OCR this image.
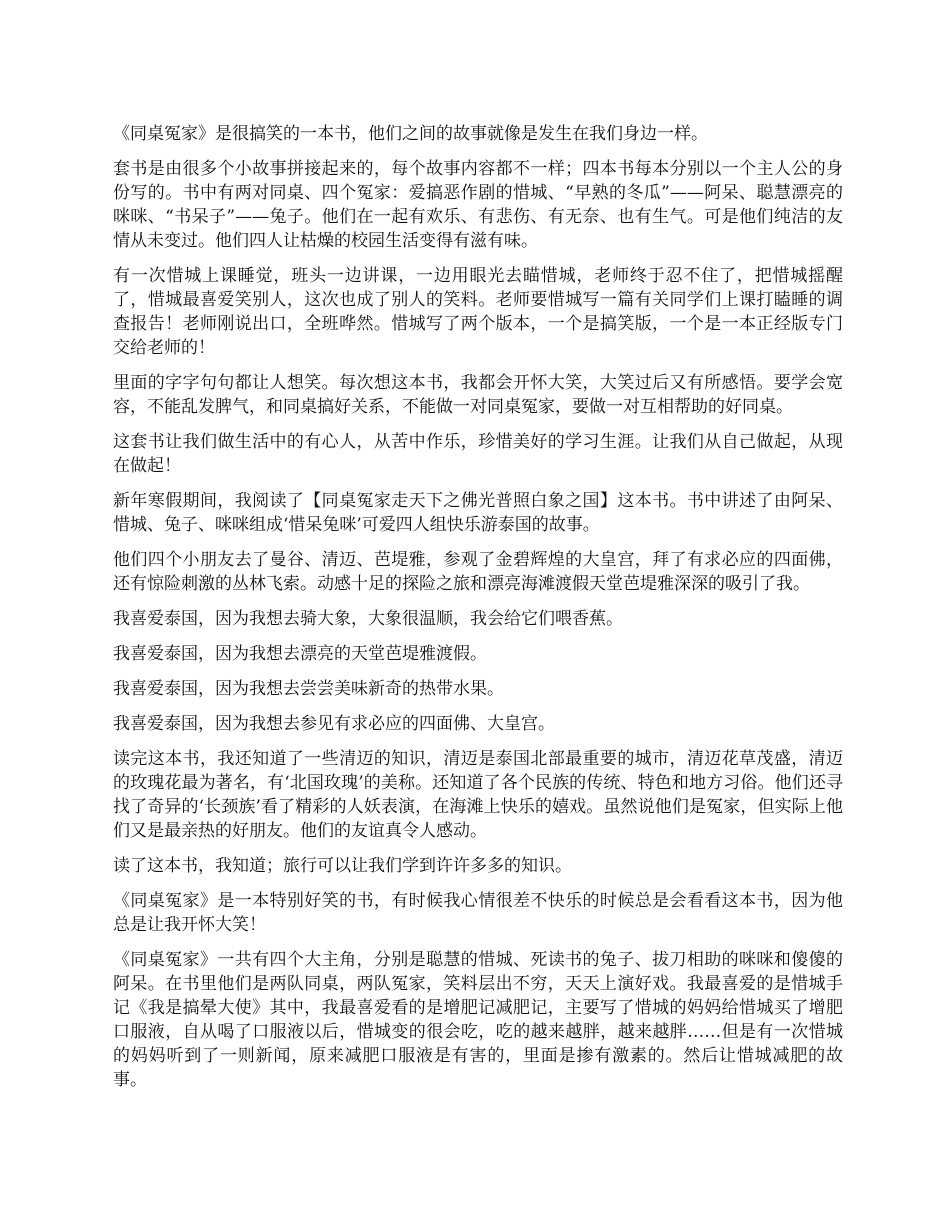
《同桌冤家》是很搞笑的一本书，他们之间的故事就像是发生在我们身边一样。

套书是由很多个小故事拼接起来的，每个故事内容都不一样；四本书每本分别以一个主人公的身份写的。书中有两对同桌、四个冤家：爱搞恶作剧的惜城、“早熟的冬瓜”——阿呆、聪慧漂亮的咪咪、“书呆子”——兔子。他们在一起有欢乐、有悲伤、有无奈、也有生气。可是他们纯洁的友情从未变过。他们四人让枯燥的校园生活变得有滋有味。

有一次惜城上课睡觉，班头一边讲课，一边用眼光去瞄惜城，老师终于忍不住了，把惜城摇醒了，惜城最喜爱笑别人，这次也成了别人的笑料。老师要惜城写一篇有关同学们上课打瞌睡的调查报告！老师刚说出口，全班哗然。惜城写了两个版本，一个是搞笑版，一个是一本正经版专门交给老师的！

里面的字字句句都让人想笑。每次想这本书，我都会开怀大笑，大笑过后又有所感悟。要学会宽容，不能乱发脾气，和同桌搞好关系，不能做一对同桌冤家，要做一对互相帮助的好同桌。

这套书让我们做生活中的有心人，从苦中作乐，珍惜美好的学习生涯。让我们从自己做起，从现在做起！

新年寒假期间，我阅读了【同桌冤家走天下之佛光普照白象之国】这本书。书中讲述了由阿呆、惜城、兔子、咪咪组成‘惜呆兔咪’可爱四人组快乐游泰国的故事。

他们四个小朋友去了曼谷、清迈、芭堤雅，参观了金碧辉煌的大皇宫，拜了有求必应的四面佛，还有惊险刺激的丛林飞索。动感十足的探险之旅和漂亮海滩渡假天堂芭堤雅深深的吸引了我。

我喜爱泰国，因为我想去骑大象，大象很温顺，我会给它们喂香蕉。

我喜爱泰国，因为我想去漂亮的天堂芭堤雅渡假。

我喜爱泰国，因为我想去尝尝美味新奇的热带水果。

我喜爱泰国，因为我想去参见有求必应的四面佛、大皇宫。

读完这本书，我还知道了一些清迈的知识，清迈是泰国北部最重要的城市，清迈花草茂盛，清迈的玫瑰花最为著名，有‘北国玫瑰’的美称。还知道了各个民族的传统、特色和地方习俗。他们还寻找了奇异的‘长颈族’看了精彩的人妖表演，在海滩上快乐的嬉戏。虽然说他们是冤家，但实际上他们又是最亲热的好朋友。他们的友谊真令人感动。

读了这本书，我知道；旅行可以让我们学到许许多多的知识。

《同桌冤家》是一本特别好笑的书，有时候我心情很差不快乐的时候总是会看看这本书，因为他总是让我开怀大笑！

《同桌冤家》一共有四个大主角，分别是聪慧的惜城、死读书的兔子、拔刀相助的咪咪和傻傻的阿呆。在书里他们是两队同桌，两队冤家，笑料层出不穷，天天上演好戏。我最喜爱的是惜城手记《我是搞晕大使》其中，我最喜爱看的是增肥记减肥记，主要写了惜城的妈妈给惜城买了增肥口服液，自从喝了口服液以后，惜城变的很会吃，吃的越来越胖，越来越胖……但是有一次惜城的妈妈听到了一则新闻，原来减肥口服液是有害的，里面是掺有激素的。然后让惜城减肥的故事。
